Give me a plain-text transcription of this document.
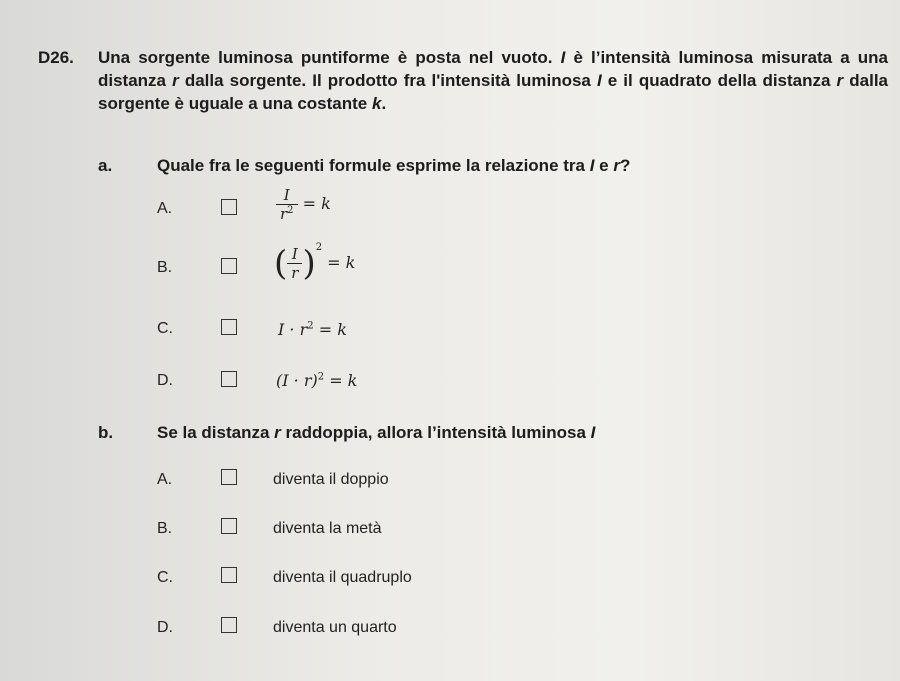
D26. Una sorgente luminosa puntiforme è posta nel vuoto. I è l’intensità luminosa misurata a una distanza r dalla sorgente. Il prodotto fra l'intensità luminosa I e il quadrato della distanza r dalla sorgente è uguale a una costante k.
a.	Quale fra le seguenti formule esprime la relazione tra I e r?
A.	$\frac{I}{r^2} = k$
B.	( $\frac{I}{r} )^2 = k$
C.	$I \cdot r^2 = k$
D.	$(I \cdot r)^2 = k$
b.	Se la distanza r raddoppia, allora l’intensità luminosa I
A.	diventa il doppio
B.	diventa la metà
C.	diventa il quadruplo
D.	diventa un quarto
